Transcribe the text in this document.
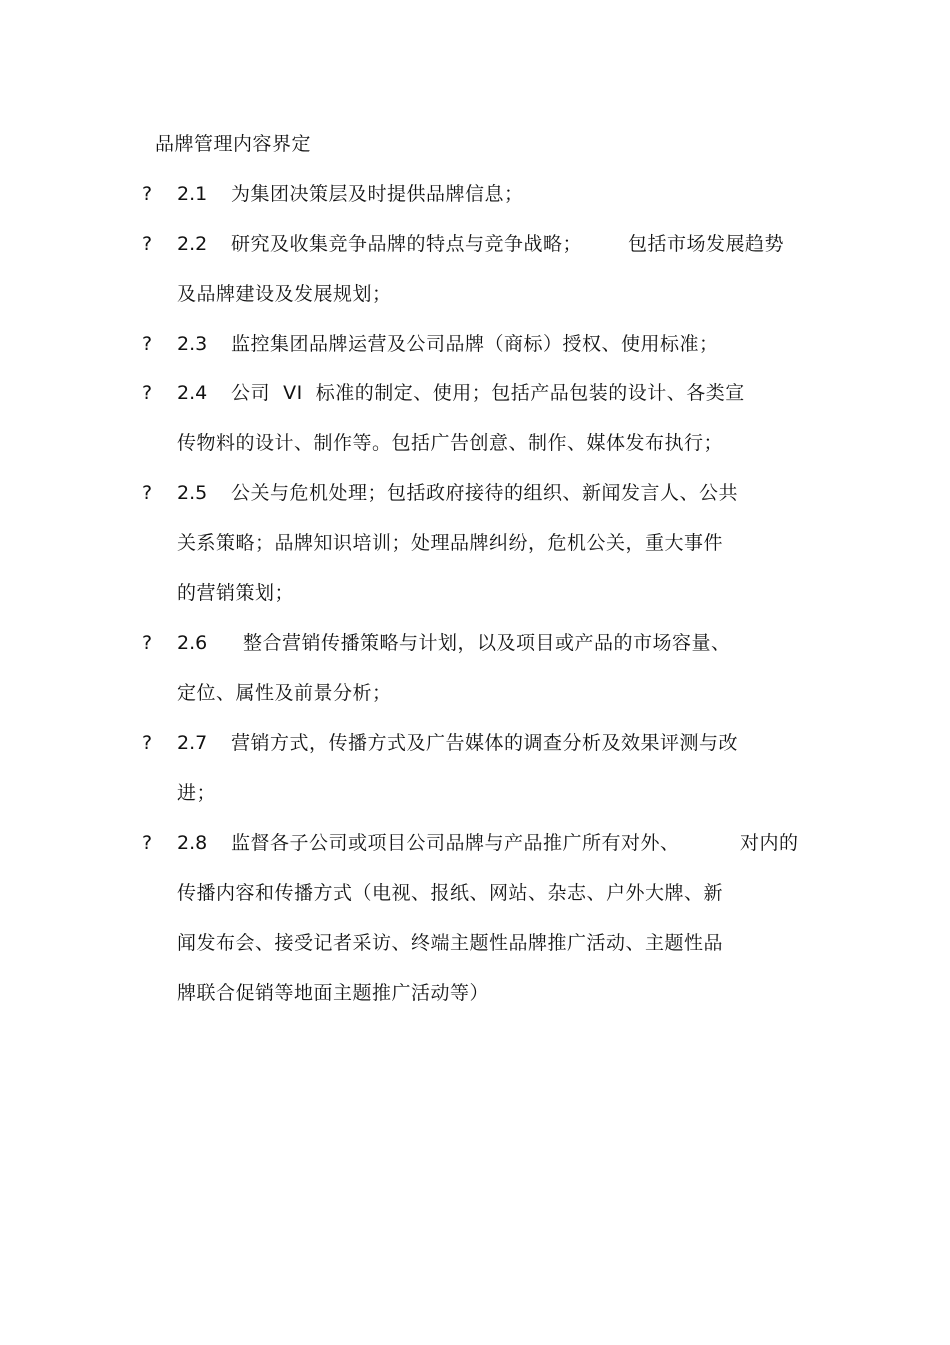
品牌管理内容界定
? 2.1 为集团决策层及时提供品牌信息；
? 2.2 研究及收集竞争品牌的特点与竞争战略； 包括市场发展趋势
及品牌建设及发展规划；
? 2.3 监控集团品牌运营及公司品牌（商标）授权、使用标准；
? 2.4 公司  VI  标准的制定、使用；包括产品包装的设计、各类宣
传物料的设计、制作等。包括广告创意、制作、媒体发布执行；
? 2.5 公关与危机处理；包括政府接待的组织、新闻发言人、公共
关系策略；品牌知识培训；处理品牌纠纷，危机公关，重大事件
的营销策划；
? 2.6 整合营销传播策略与计划，以及项目或产品的市场容量、
定位、属性及前景分析；
? 2.7 营销方式，传播方式及广告媒体的调查分析及效果评测与改
进；
? 2.8 监督各子公司或项目公司品牌与产品推广所有对外、	对内的
传播内容和传播方式（电视、报纸、网站、杂志、户外大牌、新
闻发布会、接受记者采访、终端主题性品牌推广活动、主题性品
牌联合促销等地面主题推广活动等）
